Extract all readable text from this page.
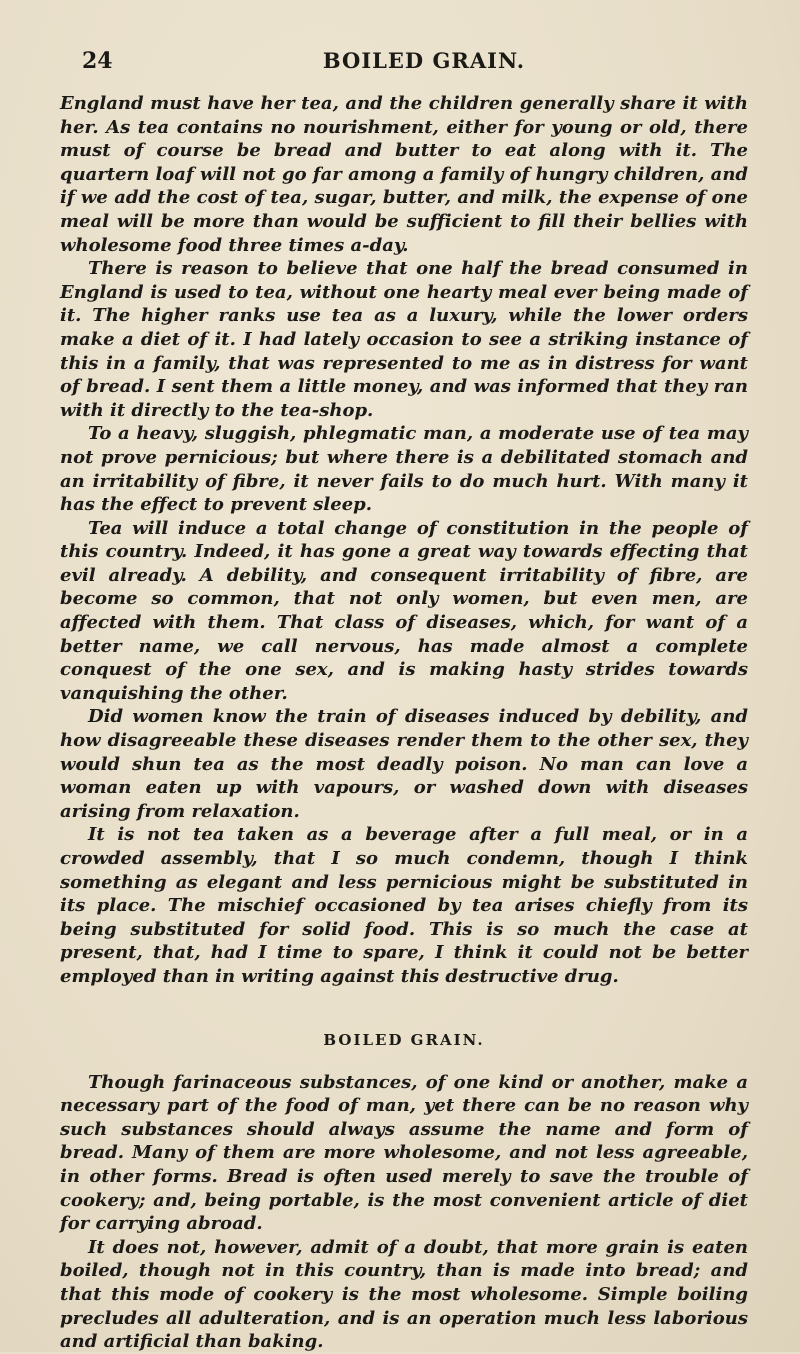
24	BOILED GRAIN.

England must have her tea, and the children generally share it with her. As tea contains no nourishment, either for young or old, there must of course be bread and butter to eat along with it. The quartern loaf will not go far among a family of hungry children, and if we add the cost of tea, sugar, butter, and milk, the expense of one meal will be more than would be sufficient to fill their bellies with wholesome food three times a-day.

There is reason to believe that one half the bread consumed in England is used to tea, without one hearty meal ever being made of it. The higher ranks use tea as a luxury, while the lower orders make a diet of it. I had lately occasion to see a striking instance of this in a family, that was represented to me as in distress for want of bread. I sent them a little money, and was informed that they ran with it directly to the tea-shop.

To a heavy, sluggish, phlegmatic man, a moderate use of tea may not prove pernicious; but where there is a debilitated stomach and an irritability of fibre, it never fails to do much hurt. With many it has the effect to prevent sleep.

Tea will induce a total change of constitution in the people of this country. Indeed, it has gone a great way towards effecting that evil already. A debility, and consequent irritability of fibre, are become so common, that not only women, but even men, are affected with them. That class of diseases, which, for want of a better name, we call nervous, has made almost a complete conquest of the one sex, and is making hasty strides towards vanquishing the other.

Did women know the train of diseases induced by debility, and how disagreeable these diseases render them to the other sex, they would shun tea as the most deadly poison. No man can love a woman eaten up with vapours, or washed down with diseases arising from relaxation.

It is not tea taken as a beverage after a full meal, or in a crowded assembly, that I so much condemn, though I think something as elegant and less pernicious might be substituted in its place. The mischief occasioned by tea arises chiefly from its being substituted for solid food. This is so much the case at present, that, had I time to spare, I think it could not be better employed than in writing against this destructive drug.

BOILED GRAIN.

Though farinaceous substances, of one kind or another, make a necessary part of the food of man, yet there can be no reason why such substances should always assume the name and form of bread. Many of them are more wholesome, and not less agreeable, in other forms. Bread is often used merely to save the trouble of cookery; and, being portable, is the most convenient article of diet for carrying abroad.

It does not, however, admit of a doubt, that more grain is eaten boiled, though not in this country, than is made into bread; and that this mode of cookery is the most wholesome. Simple boiling precludes all adulteration, and is an operation much less laborious and artificial than baking.
